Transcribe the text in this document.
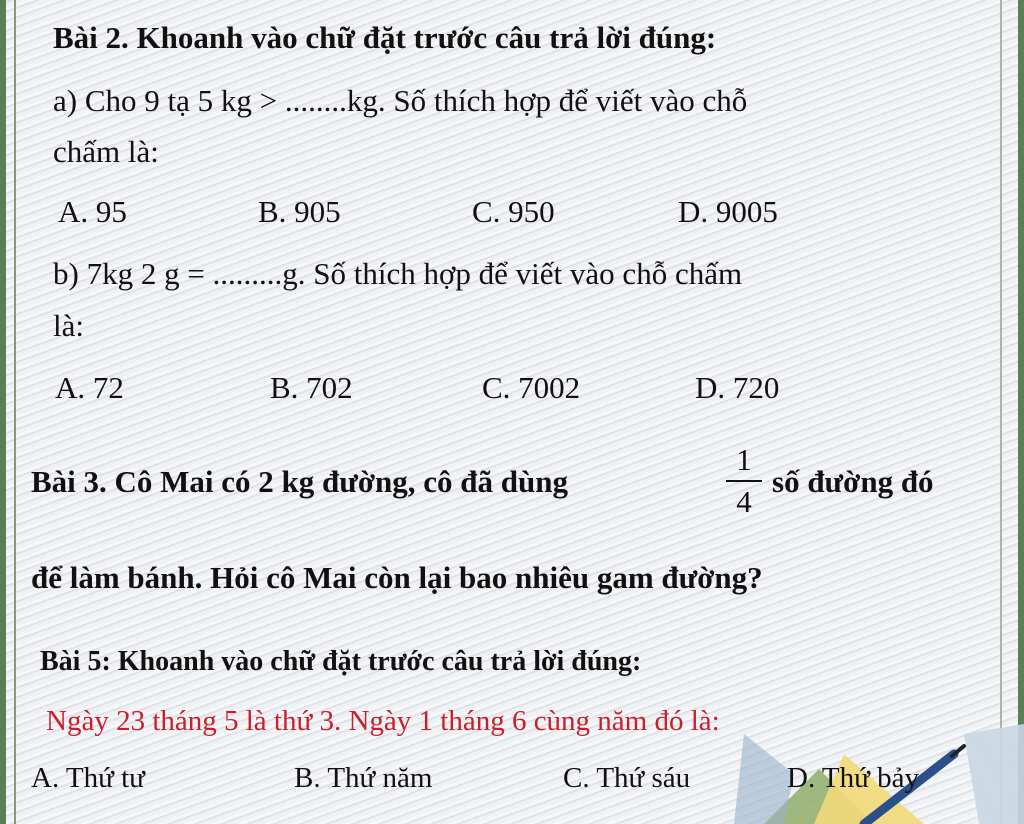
Bài 2. Khoanh vào chữ đặt trước câu trả lời đúng:
a) Cho 9 tạ 5 kg > ........kg. Số thích hợp để viết vào chỗ
chấm là:
A. 95	B. 905	C. 950	D. 9005
b) 7kg 2 g = .........g. Số thích hợp để viết vào chỗ chấm
là:
A. 72	B. 702	C. 7002	D. 720
Bài 3. Cô Mai có 2 kg đường, cô đã dùng
1
4
số đường đó
để làm bánh. Hỏi cô Mai còn lại bao nhiêu gam đường?
Bài 5: Khoanh vào chữ đặt trước câu trả lời đúng:
Ngày 23 tháng 5 là thứ 3. Ngày 1 tháng 6 cùng năm đó là:
A. Thứ tư	B. Thứ năm	C. Thứ sáu	D. Thứ bảy
